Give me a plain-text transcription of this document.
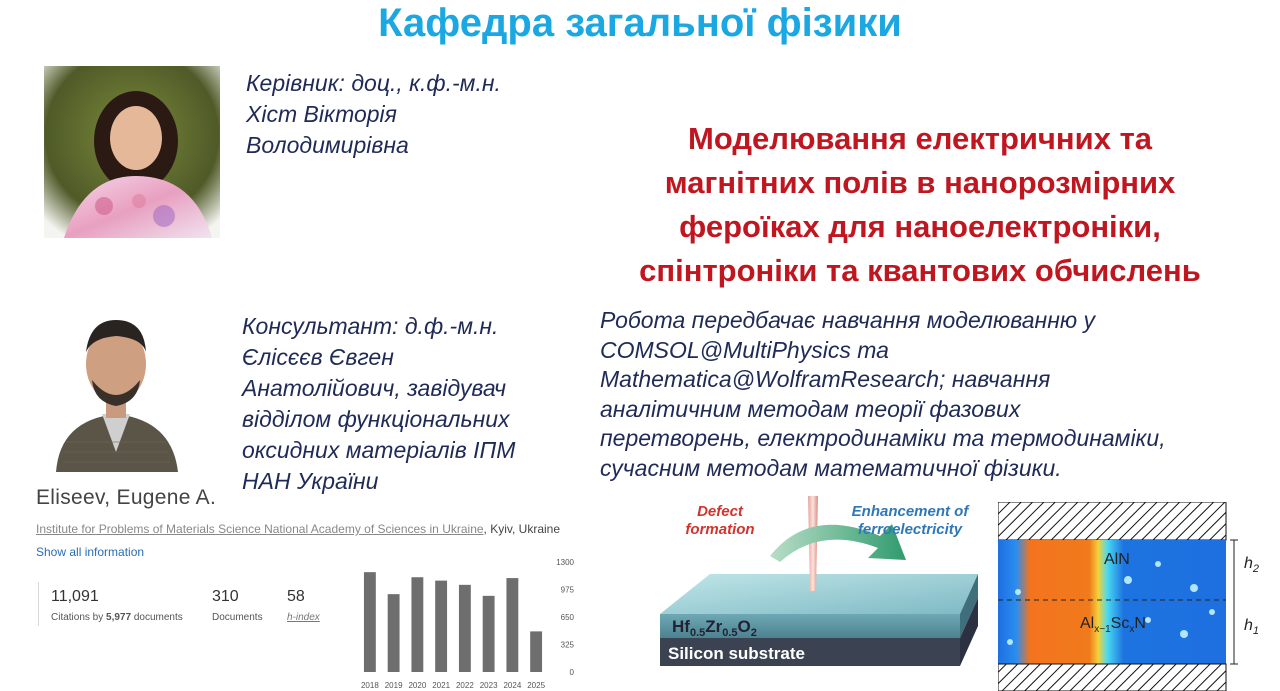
Кафедра загальної фізики
Керівник: доц., к.ф.-м.н.
Хіст Вікторія
Володимирівна	Моделювання електричних та
магнітних полів в нанорозмірних
фероїках для наноелектроніки,
спінтроніки та квантових обчислень
Консультант: д.ф.-м.н.
Єлісєєв Євген
Анатолійович, завідувач
відділом функціональних
оксидних матеріалів ІПМ
НАН України
Робота передбачає навчання моделюванню у
COMSOL@MultiPhysics та
Mathematica@WolframResearch; навчання
аналітичним методам теорії фазових
перетворень, електродинаміки та термодинаміки,
сучасним методам математичної фізики.
Eliseev, Eugene A.
Institute for Problems of Materials Science National Academy of Sciences in Ukraine, Kyiv, Ukraine
Show all information
11,091
Citations by 5,977 documents
310
Documents
58
h-index
2018 2019 2020 2021 2022 2023 2024 2025
1300
975
650
325
0
Defect
formation
Enhancement of
ferroelectricity
$Hf_{0.5}Zr_{0.5}O_2$
Silicon substrate
AlN
$Al_{x-1}Sc_xN$
$h_2$
$h_1$
